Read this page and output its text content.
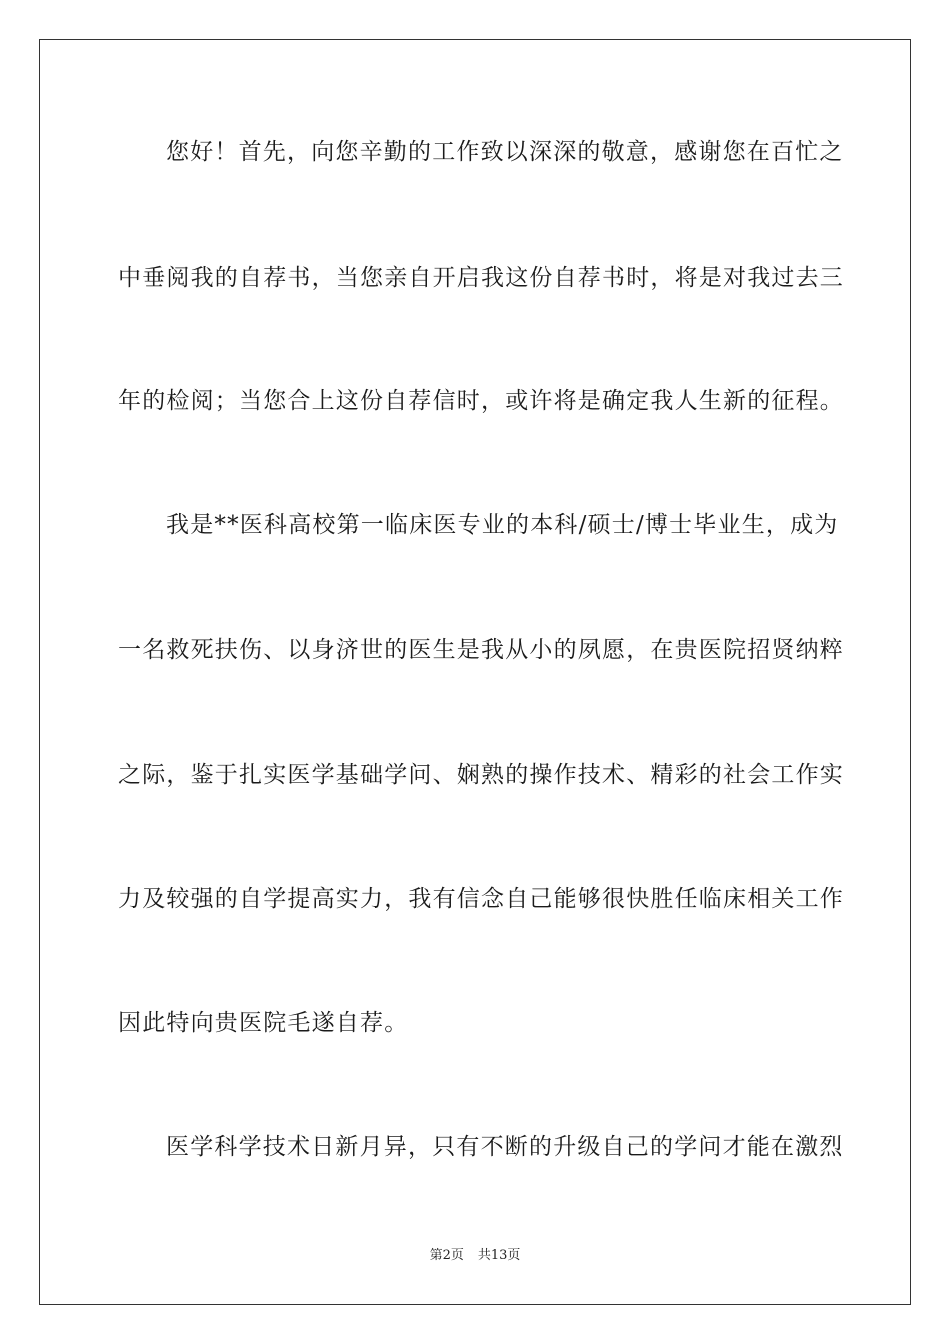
您好！首先，向您辛勤的工作致以深深的敬意，感谢您在百忙之
中垂阅我的自荐书，当您亲自开启我这份自荐书时，将是对我过去三
年的检阅；当您合上这份自荐信时，或许将是确定我人生新的征程。
我是**医科高校第一临床医专业的本科/硕士/博士毕业生，成为
一名救死扶伤、以身济世的医生是我从小的夙愿，在贵医院招贤纳粹
之际，鉴于扎实医学基础学问、娴熟的操作技术、精彩的社会工作实
力及较强的自学提高实力，我有信念自己能够很快胜任临床相关工作
因此特向贵医院毛遂自荐。
医学科学技术日新月异，只有不断的升级自己的学问才能在激烈
第2页 共13页
